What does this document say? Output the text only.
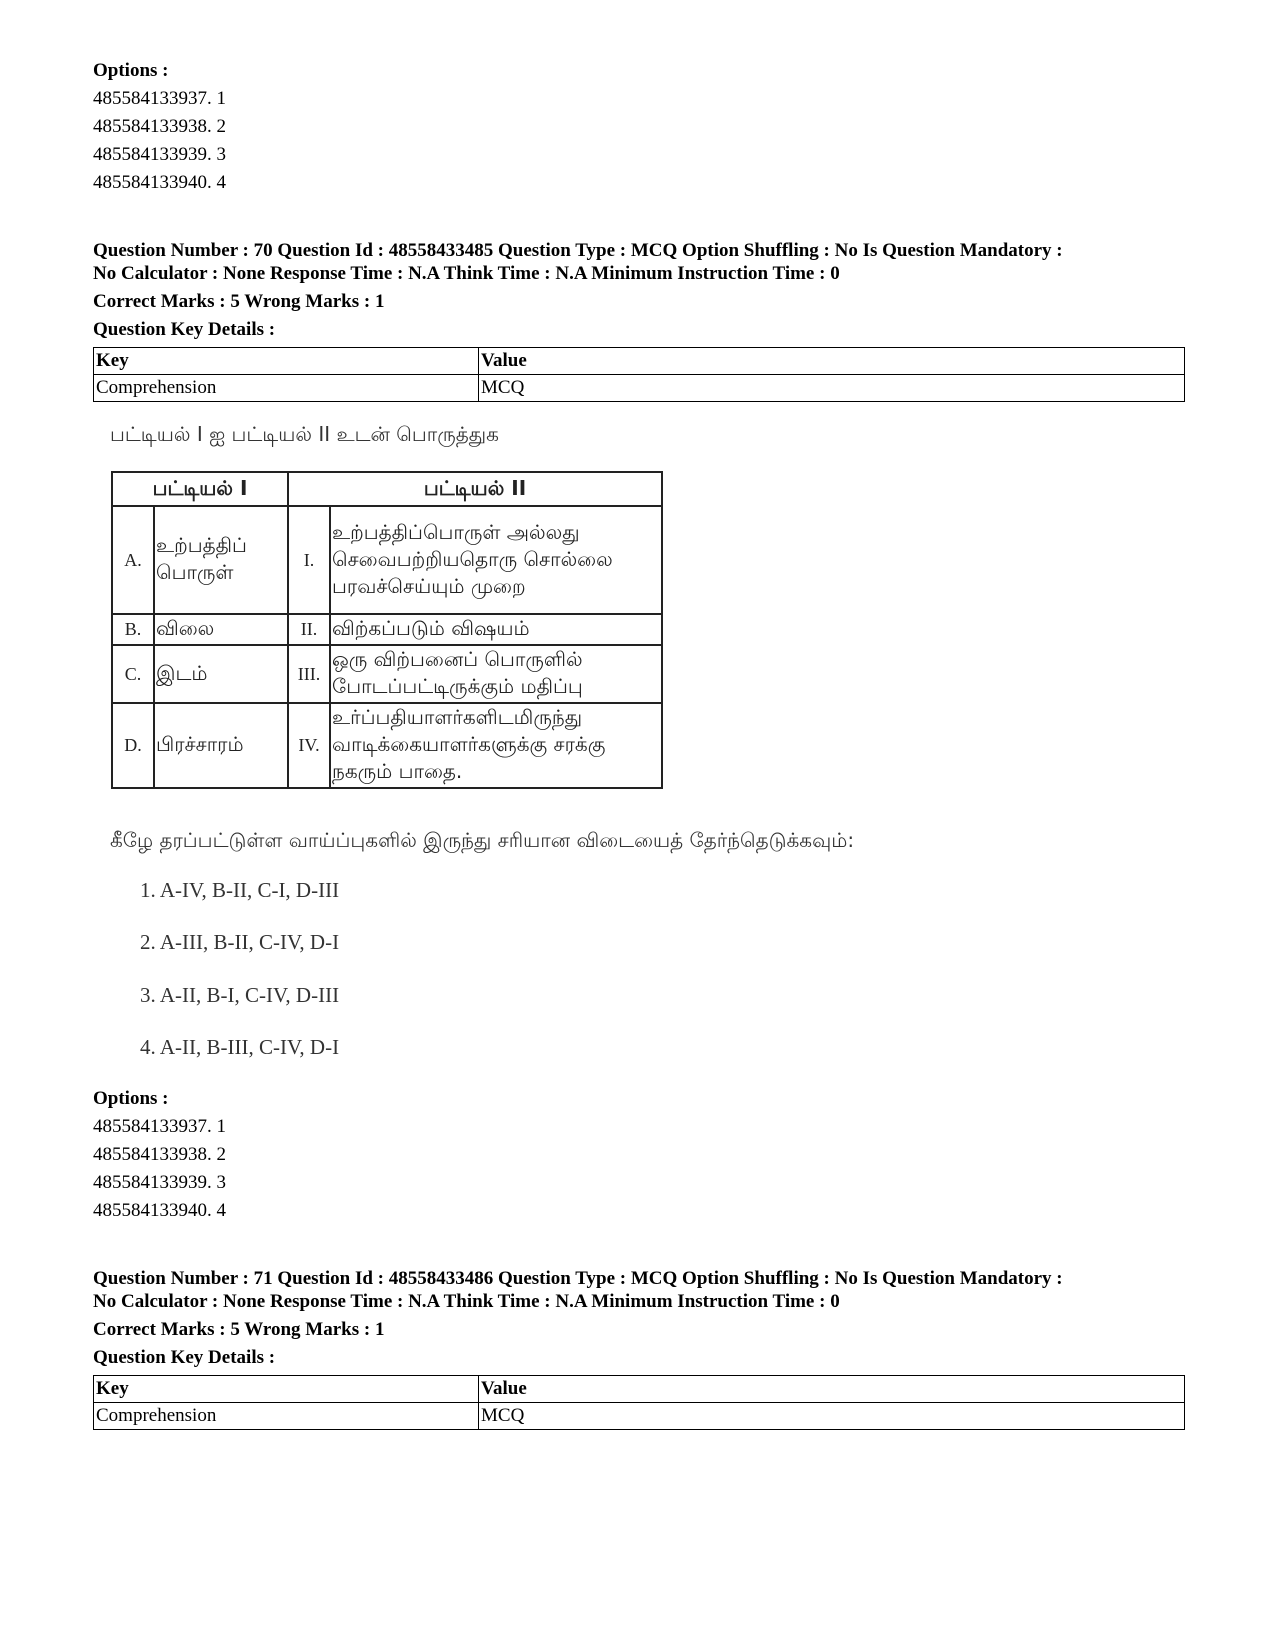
Options :

485584133937. 1

485584133938. 2

485584133939. 3

485584133940. 4

Question Number : 70 Question Id : 48558433485 Question Type : MCQ Option Shuffling : No Is Question Mandatory :

No Calculator : None Response Time : N.A Think Time : N.A Minimum Instruction Time : 0

Correct Marks : 5 Wrong Marks : 1

Question Key Details :

Key	Value
Comprehension	MCQ

பட்டியல் I ஐ பட்டியல் II உடன் பொருத்துக

பட்டியல் I		பட்டியல் II	
A.	உற்பத்திப் பொருள்	I.	உற்பத்திப்பொருள் அல்லது செவைபற்றியதொரு சொல்லை பரவச்செய்யும் முறை
B.	விலை	II.	விற்கப்படும் விஷயம்
C.	இடம்	III.	ஒரு விற்பனைப் பொருளில் போடப்பட்டிருக்கும் மதிப்பு
D.	பிரச்சாரம்	IV.	உர்ப்பதியாளர்களிடமிருந்து வாடிக்கையாளர்களுக்கு சரக்கு நகரும் பாதை.

கீழே தரப்பட்டுள்ள வாய்ப்புகளில் இருந்து சரியான விடையைத் தேர்ந்தெடுக்கவும்:

1. A-IV, B-II, C-I, D-III

2. A-III, B-II, C-IV, D-I

3. A-II, B-I, C-IV, D-III

4. A-II, B-III, C-IV, D-I

Options :

485584133937. 1

485584133938. 2

485584133939. 3

485584133940. 4

Question Number : 71 Question Id : 48558433486 Question Type : MCQ Option Shuffling : No Is Question Mandatory :

No Calculator : None Response Time : N.A Think Time : N.A Minimum Instruction Time : 0

Correct Marks : 5 Wrong Marks : 1

Question Key Details :

Key	Value
Comprehension	MCQ
